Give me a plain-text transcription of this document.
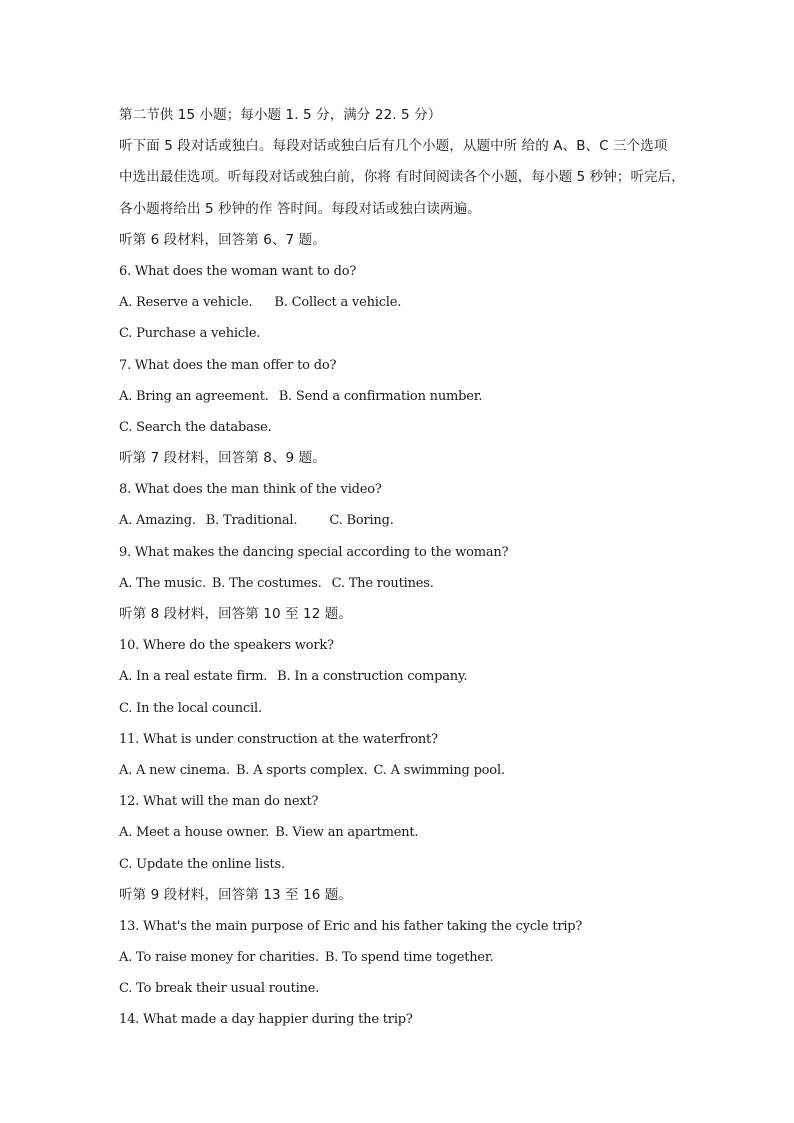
第二节供 15 小题；每小题 1. 5 分，满分 22. 5 分）
听下面 5 段对话或独白。每段对话或独白后有几个小题，从题中所 给的 A、B、C 三个选项
中选出最佳选项。听每段对话或独白前，你将 有时间阅读各个小题，每小题 5 秒钟；听完后，
各小题将给出 5 秒钟的作 答时间。每段对话或独白读两遍。
听第 6 段材料，回答第 6、7 题。
6. What does the woman want to do?
A. Reserve a vehicle. B. Collect a vehicle.
C. Purchase a vehicle.
7. What does the man offer to do?
A. Bring an agreement. B. Send a confirmation number.
C. Search the database.
听第 7 段材料，回答第 8、9 题。
8. What does the man think of the video?
A. Amazing. B. Traditional. C. Boring.
9. What makes the dancing special according to the woman?
A. The music. B. The costumes. C. The routines.
听第 8 段材料，回答第 10 至 12 题。
10. Where do the speakers work?
A. In a real estate firm. B. In a construction company.
C. In the local council.
11. What is under construction at the waterfront?
A. A new cinema. B. A sports complex. C. A swimming pool.
12. What will the man do next?
A. Meet a house owner. B. View an apartment.
C. Update the online lists.
听第 9 段材料，回答第 13 至 16 题。
13. What's the main purpose of Eric and his father taking the cycle trip?
A. To raise money for charities. B. To spend time together.
C. To break their usual routine.
14. What made a day happier during the trip?
